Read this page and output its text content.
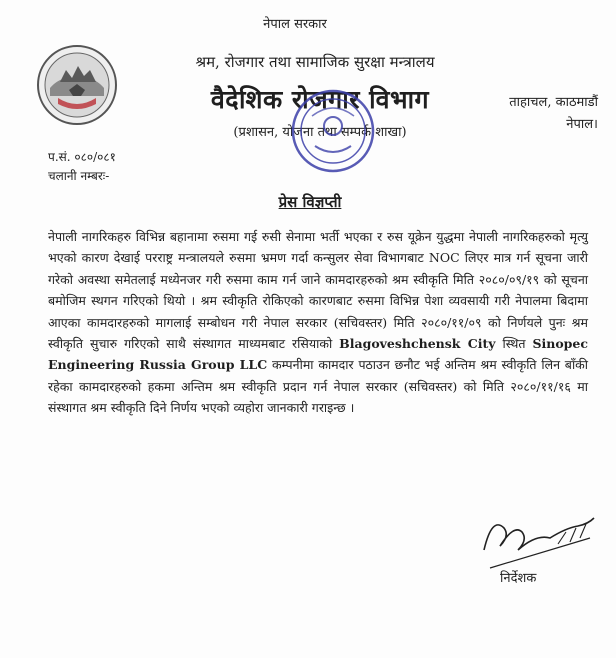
नेपाल सरकार
श्रम, रोजगार तथा सामाजिक सुरक्षा मन्त्रालय
वैदेशिक रोजगार विभाग
(प्रशासन, योजना तथा सम्पर्क शाखा)
ताहाचल, काठमाडौं
नेपाल।
प.सं. ०८०/०८१
चलानी नम्बरः-
प्रेस विज्ञप्ती

नेपाली नागरिकहरु विभिन्न बहानामा रुसमा गई रुसी सेनामा भर्ती भएका र रुस यूक्रेन युद्धमा नेपाली नागरिकहरुको मृत्यु भएको कारण देखाई परराष्ट्र मन्त्रालयले रुसमा भ्रमण गर्दा कन्सुलर सेवा विभागबाट NOC लिएर मात्र गर्न सूचना जारी गरेको अवस्था समेतलाई मध्येनजर गरी रुसमा काम गर्न जाने कामदारहरुको श्रम स्वीकृति मिति २०८०/०९/१९ को सूचना बमोजिम स्थगन गरिएको थियो । श्रम स्वीकृति रोकिएको कारणबाट रुसमा विभिन्न पेशा व्यवसायी गरी नेपालमा बिदामा आएका कामदारहरुको मागलाई सम्बोधन गरी नेपाल सरकार (सचिवस्तर) मिति २०८०/११/०९ को निर्णयले पुनः श्रम स्वीकृति सुचारु गरिएको साथै संस्थागत माध्यमबाट रसियाको Blagoveshchensk City स्थित Sinopec Engineering Russia Group LLC कम्पनीमा कामदार पठाउन छनौट भई अन्तिम श्रम स्वीकृति लिन बाँकी रहेका कामदारहरुको हकमा अन्तिम श्रम स्वीकृति प्रदान गर्न नेपाल सरकार (सचिवस्तर) को मिति २०८०/११/१६ मा संस्थागत श्रम स्वीकृति दिने निर्णय भएको व्यहोरा जानकारी गराइन्छ ।

निर्देशक
